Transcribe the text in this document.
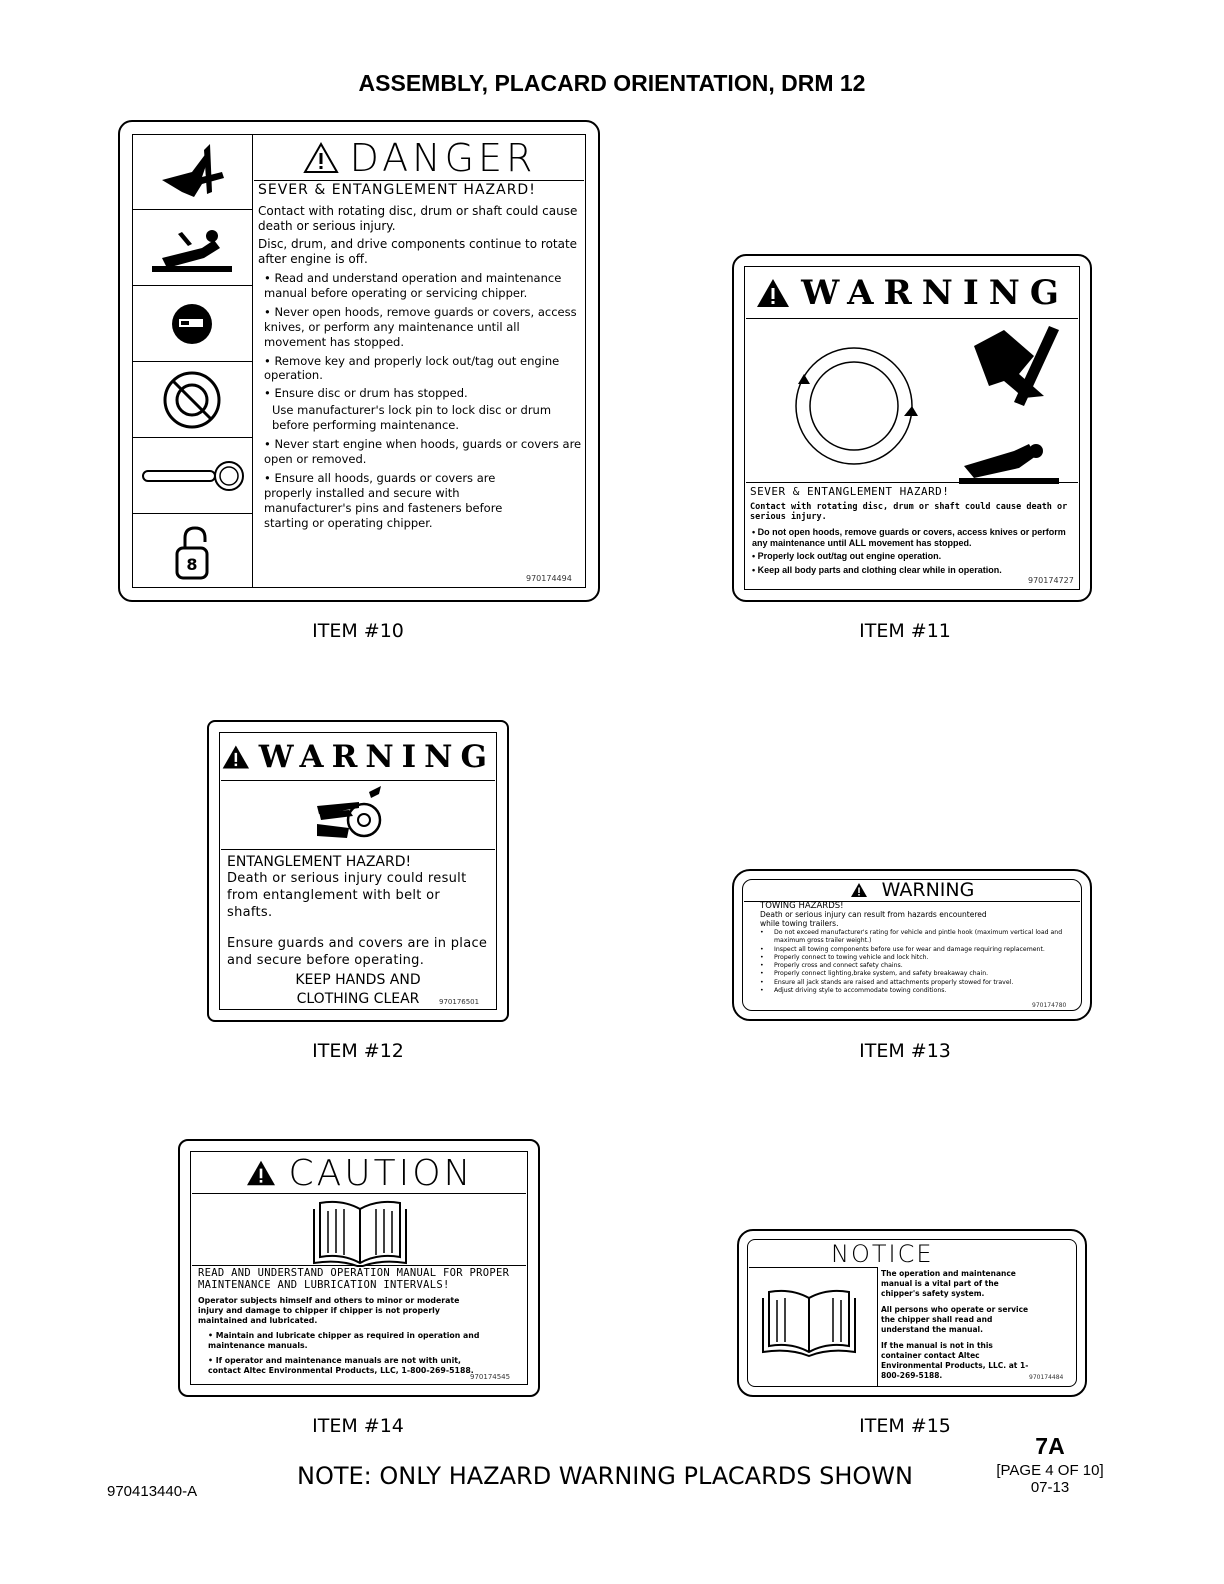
ASSEMBLY, PLACARD ORIENTATION, DRM 12
8
DANGER
SEVER & ENTANGLEMENT HAZARD!
Contact with rotating disc, drum or shaft could cause death or serious injury.
Disc, drum, and drive components continue to rotate after engine is off.
• Read and understand operation and maintenance manual before operating or servicing chipper.
• Never open hoods, remove guards or covers, access knives, or perform any maintenance until all movement has stopped.
• Remove key and properly lock out/tag out engine operation.
• Ensure disc or drum has stopped.
Use manufacturer's lock pin to lock disc or drum before performing maintenance.
• Never start engine when hoods, guards or covers are open or removed.
• Ensure all hoods, guards or covers are properly installed and secure with manufacturer's pins and fasteners before starting or operating chipper.
970174494
ITEM #10
WARNING
SEVER & ENTANGLEMENT HAZARD!
Contact with rotating disc, drum or shaft could cause death or serious injury.
• Do not open hoods, remove guards or covers, access knives or perform any maintenance until ALL movement has stopped.
• Properly lock out/tag out engine operation.
• Keep all body parts and clothing clear while in operation.
970174727
ITEM #11
WARNING
ENTANGLEMENT HAZARD!
Death or serious injury could result from entanglement with belt or shafts.
Ensure guards and covers are in place and secure before operating.
KEEP HANDS AND
CLOTHING CLEAR	970176501
ITEM #12
WARNING
TOWING HAZARDS!
Death or serious injury can result from hazards encountered while towing trailers.
•	Do not exceed manufacturer's rating for vehicle and pintle hook (maximum vertical load and maximum gross trailer weight.)
•	Inspect all towing components before use for wear and damage requiring replacement.
•	Properly connect to towing vehicle and lock hitch.
•	Properly cross and connect safety chains.
•	Properly connect lighting,brake system, and safety breakaway chain.
•	Ensure all jack stands are raised and attachments properly stowed for travel.
•	Adjust driving style to accommodate towing conditions.
970174780
ITEM #13
CAUTION
READ AND UNDERSTAND OPERATION MANUAL FOR PROPER MAINTENANCE AND LUBRICATION INTERVALS!
Operator subjects himself and others to minor or moderate injury and damage to chipper if chipper is not properly maintained and lubricated.
• Maintain and lubricate chipper as required in operation and maintenance manuals.
• If operator and maintenance manuals are not with unit, contact Altec Environmental Products, LLC, 1-800-269-5188.
970174545
ITEM #14
NOTICE
The operation and maintenance manual is a vital part of the chipper's safety system.
All persons who operate or service the chipper shall read and understand the manual.
If the manual is not in this container contact Altec Environmental Products, LLC. at 1-800-269-5188.	970174484
ITEM #15
7A
[PAGE 4 OF 10]
07-13
NOTE: ONLY HAZARD WARNING PLACARDS SHOWN
970413440-A
